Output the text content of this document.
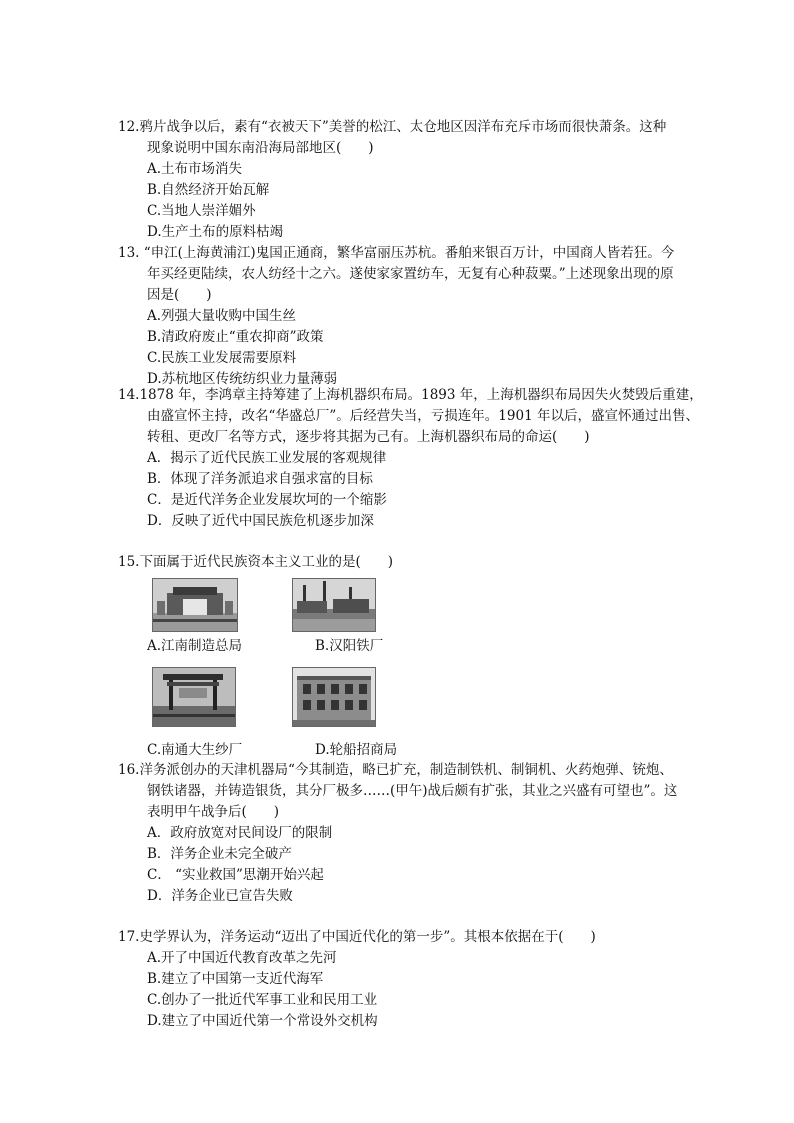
12.鸦片战争以后，素有“衣被天下”美誉的松江、太仓地区因洋布充斥市场而很快萧条。这种

现象说明中国东南沿海局部地区(　　)

A.土布市场消失

B.自然经济开始瓦解

C.当地人崇洋媚外

D.生产土布的原料枯竭

13. “申江(上海黄浦江)鬼国正通商，繁华富丽压苏杭。番舶来银百万计，中国商人皆若狂。今

年买经更陆续，农人纺经十之六。遂使家家置纺车，无复有心种菽粟。”上述现象出现的原

因是(　　)

A.列强大量收购中国生丝

B.清政府废止“重农抑商”政策

C.民族工业发展需要原料

D.苏杭地区传统纺织业力量薄弱

14.1878 年，李鸿章主持筹建了上海机器织布局。1893 年，上海机器织布局因失火焚毁后重建，

由盛宣怀主持，改名“华盛总厂”。后经营失当，亏损连年。1901 年以后，盛宣怀通过出售、

转租、更改厂名等方式，逐步将其据为己有。上海机器织布局的命运(　　)

A．揭示了近代民族工业发展的客观规律

B．体现了洋务派追求自强求富的目标

C．是近代洋务企业发展坎坷的一个缩影

D．反映了近代中国民族危机逐步加深

15.下面属于近代民族资本主义工业的是(　　)

A.江南制造总局	B.汉阳铁厂
C.南通大生纱厂	D.轮船招商局

16.洋务派创办的天津机器局“今其制造，略已扩充，制造制铁机、制铜机、火药炮弹、铳炮、

钢铁诸器，并铸造银货，其分厂极多……(甲午)战后颇有扩张，其业之兴盛有可望也”。这

表明甲午战争后(　　)

A．政府放宽对民间设厂的限制

B．洋务企业未完全破产

C． “实业救国”思潮开始兴起

D．洋务企业已宣告失败

17.史学界认为，洋务运动“迈出了中国近代化的第一步”。其根本依据在于(　　)

A.开了中国近代教育改革之先河

B.建立了中国第一支近代海军

C.创办了一批近代军事工业和民用工业

D.建立了中国近代第一个常设外交机构
